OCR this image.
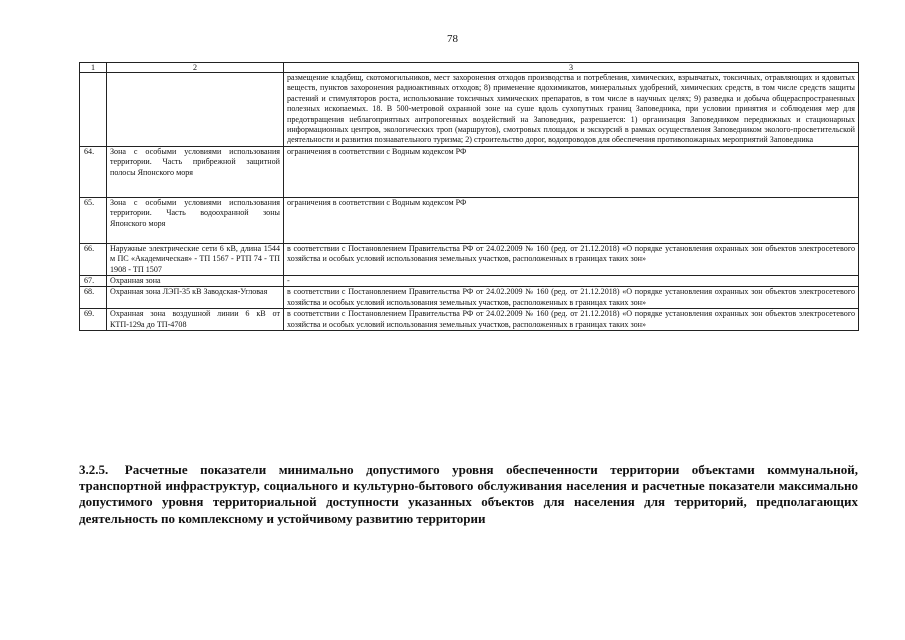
78
1	2	3
		размещение кладбищ, скотомогильников, мест захоронения отходов производства и потребления, химических, взрывчатых, токсичных, отравляющих и ядовитых веществ, пунктов захоронения радиоактивных отходов; 8) применение ядохимикатов, минеральных удобрений, химических средств, в том числе средств защиты растений и стимуляторов роста, использование токсичных химических препаратов, в том числе в научных целях; 9) разведка и добыча общераспространенных полезных ископаемых. 18. В 500-метровой охранной зоне на суше вдоль сухопутных границ Заповедника, при условии принятия и соблюдения мер для предотвращения неблагоприятных антропогенных воздействий на Заповедник, разрешается: 1) организация Заповедником передвижных и стационарных информационных центров, экологических троп (маршрутов), смотровых площадок и экскурсий в рамках осуществления Заповедником эколого-просветительской деятельности и развития познавательного туризма; 2) строительство дорог, водопроводов для обеспечения противопожарных мероприятий Заповедника
64.	Зона с особыми условиями использования территории. Часть прибрежной защитной полосы Японского моря	ограничения в соответствии с Водным кодексом РФ
65.	Зона с особыми условиями использования территории. Часть водоохранной зоны Японского моря	ограничения в соответствии с Водным кодексом РФ
66.	Наружные электрические сети 6 кВ, длина 1544 м ПС «Академическая» - ТП 1567 - РТП 74 - ТП 1908 - ТП 1507	в соответствии с Постановлением Правительства РФ от 24.02.2009 № 160 (ред. от 21.12.2018) «О порядке установления охранных зон объектов электросетевого хозяйства и особых условий использования земельных участков, расположенных в границах таких зон»
67.	Охранная зона	-
68.	Охранная зона ЛЭП-35 кВ Заводская-Угловая	в соответствии с Постановлением Правительства РФ от 24.02.2009 № 160 (ред. от 21.12.2018) «О порядке установления охранных зон объектов электросетевого хозяйства и особых условий использования земельных участков, расположенных в границах таких зон»
69.	Охранная зона воздушной линии 6 кВ от КТП-129а до ТП-4708	в соответствии с Постановлением Правительства РФ от 24.02.2009 № 160 (ред. от 21.12.2018) «О порядке установления охранных зон объектов электросетевого хозяйства и особых условий использования земельных участков, расположенных в границах таких зон»
3.2.5. Расчетные показатели минимально допустимого уровня обеспеченности территории объектами коммунальной, транспортной инфраструктур, социального и культурно-бытового обслуживания населения и расчетные показатели максимально допустимого уровня территориальной доступности указанных объектов для населения для территорий, предполагающих деятельность по комплексному и устойчивому развитию территории
